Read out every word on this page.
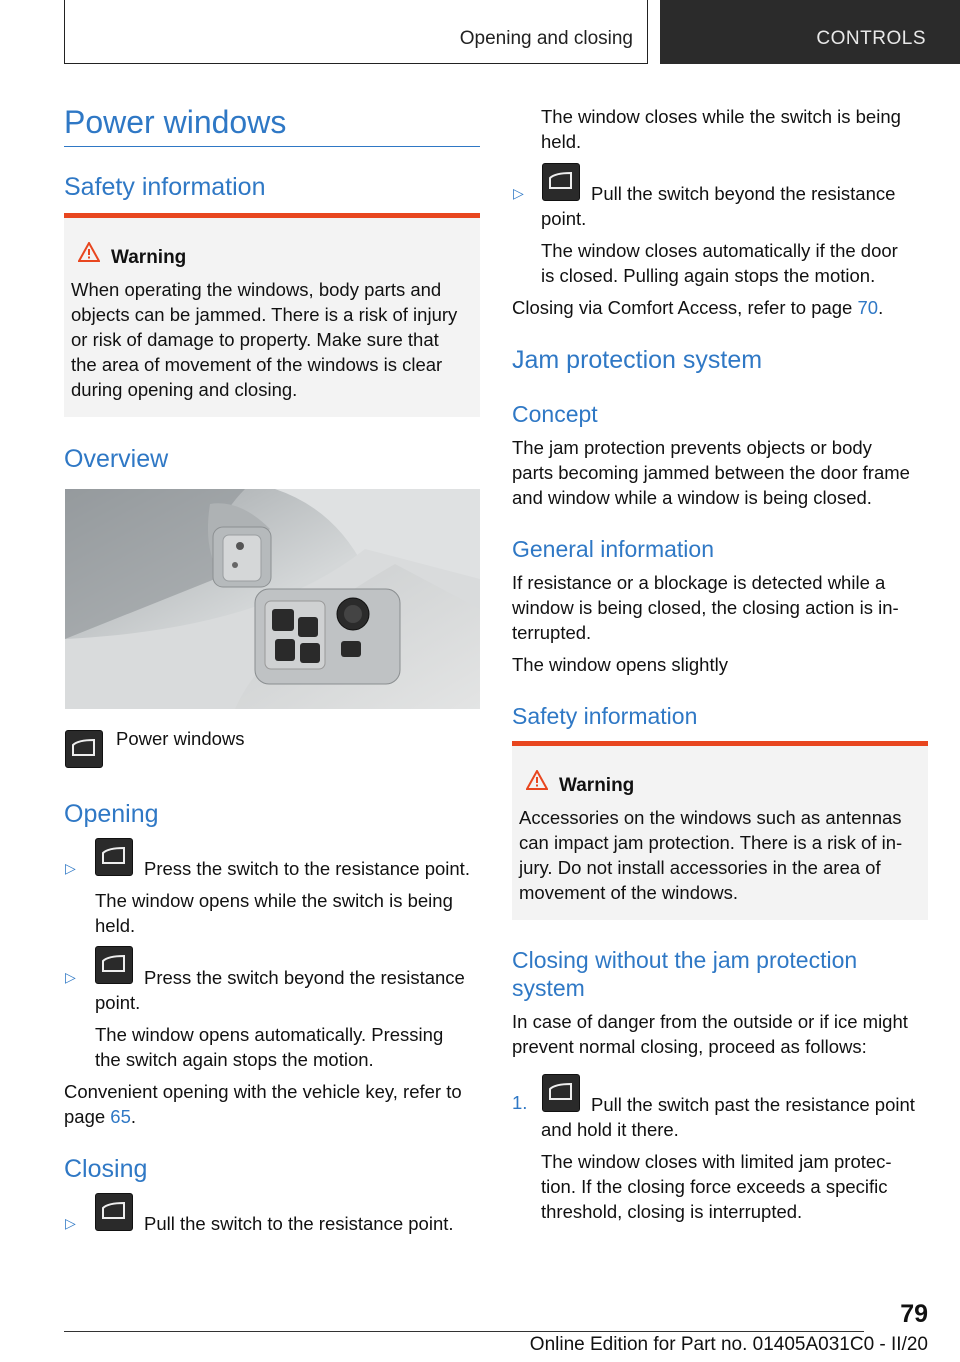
Opening and closing	CONTROLS
Power windows
Safety information
Warning

When operating the windows, body parts and

objects can be jammed. There is a risk of injury

or risk of damage to property. Make sure that

the area of movement of the windows is clear

during opening and closing.

Overview

Power windows

Opening
▷	Press the switch to the resistance point.

The window opens while the switch is being

held.

▷	Press the switch beyond the resistance

point.

The window opens automatically. Pressing

the switch again stops the motion.

Convenient opening with the vehicle key, refer to

page 65.

Closing
▷	Pull the switch to the resistance point.

The window closes while the switch is being

held.

▷	Pull the switch beyond the resistance

point.

The window closes automatically if the door

is closed. Pulling again stops the motion.

Closing via Comfort Access, refer to page 70.

Jam protection system
Concept

The jam protection prevents objects or body

parts becoming jammed between the door frame

and window while a window is being closed.

General information

If resistance or a blockage is detected while a

window is being closed, the closing action is in-

terrupted.

The window opens slightly

Safety information
Warning

Accessories on the windows such as antennas

can impact jam protection. There is a risk of in-

jury. Do not install accessories in the area of

movement of the windows.

Closing without the jam protection
system

In case of danger from the outside or if ice might

prevent normal closing, proceed as follows:

1.	Pull the switch past the resistance point

and hold it there.

The window closes with limited jam protec-

tion. If the closing force exceeds a specific

threshold, closing is interrupted.

79
Online Edition for Part no. 01405A031C0 - II/20
